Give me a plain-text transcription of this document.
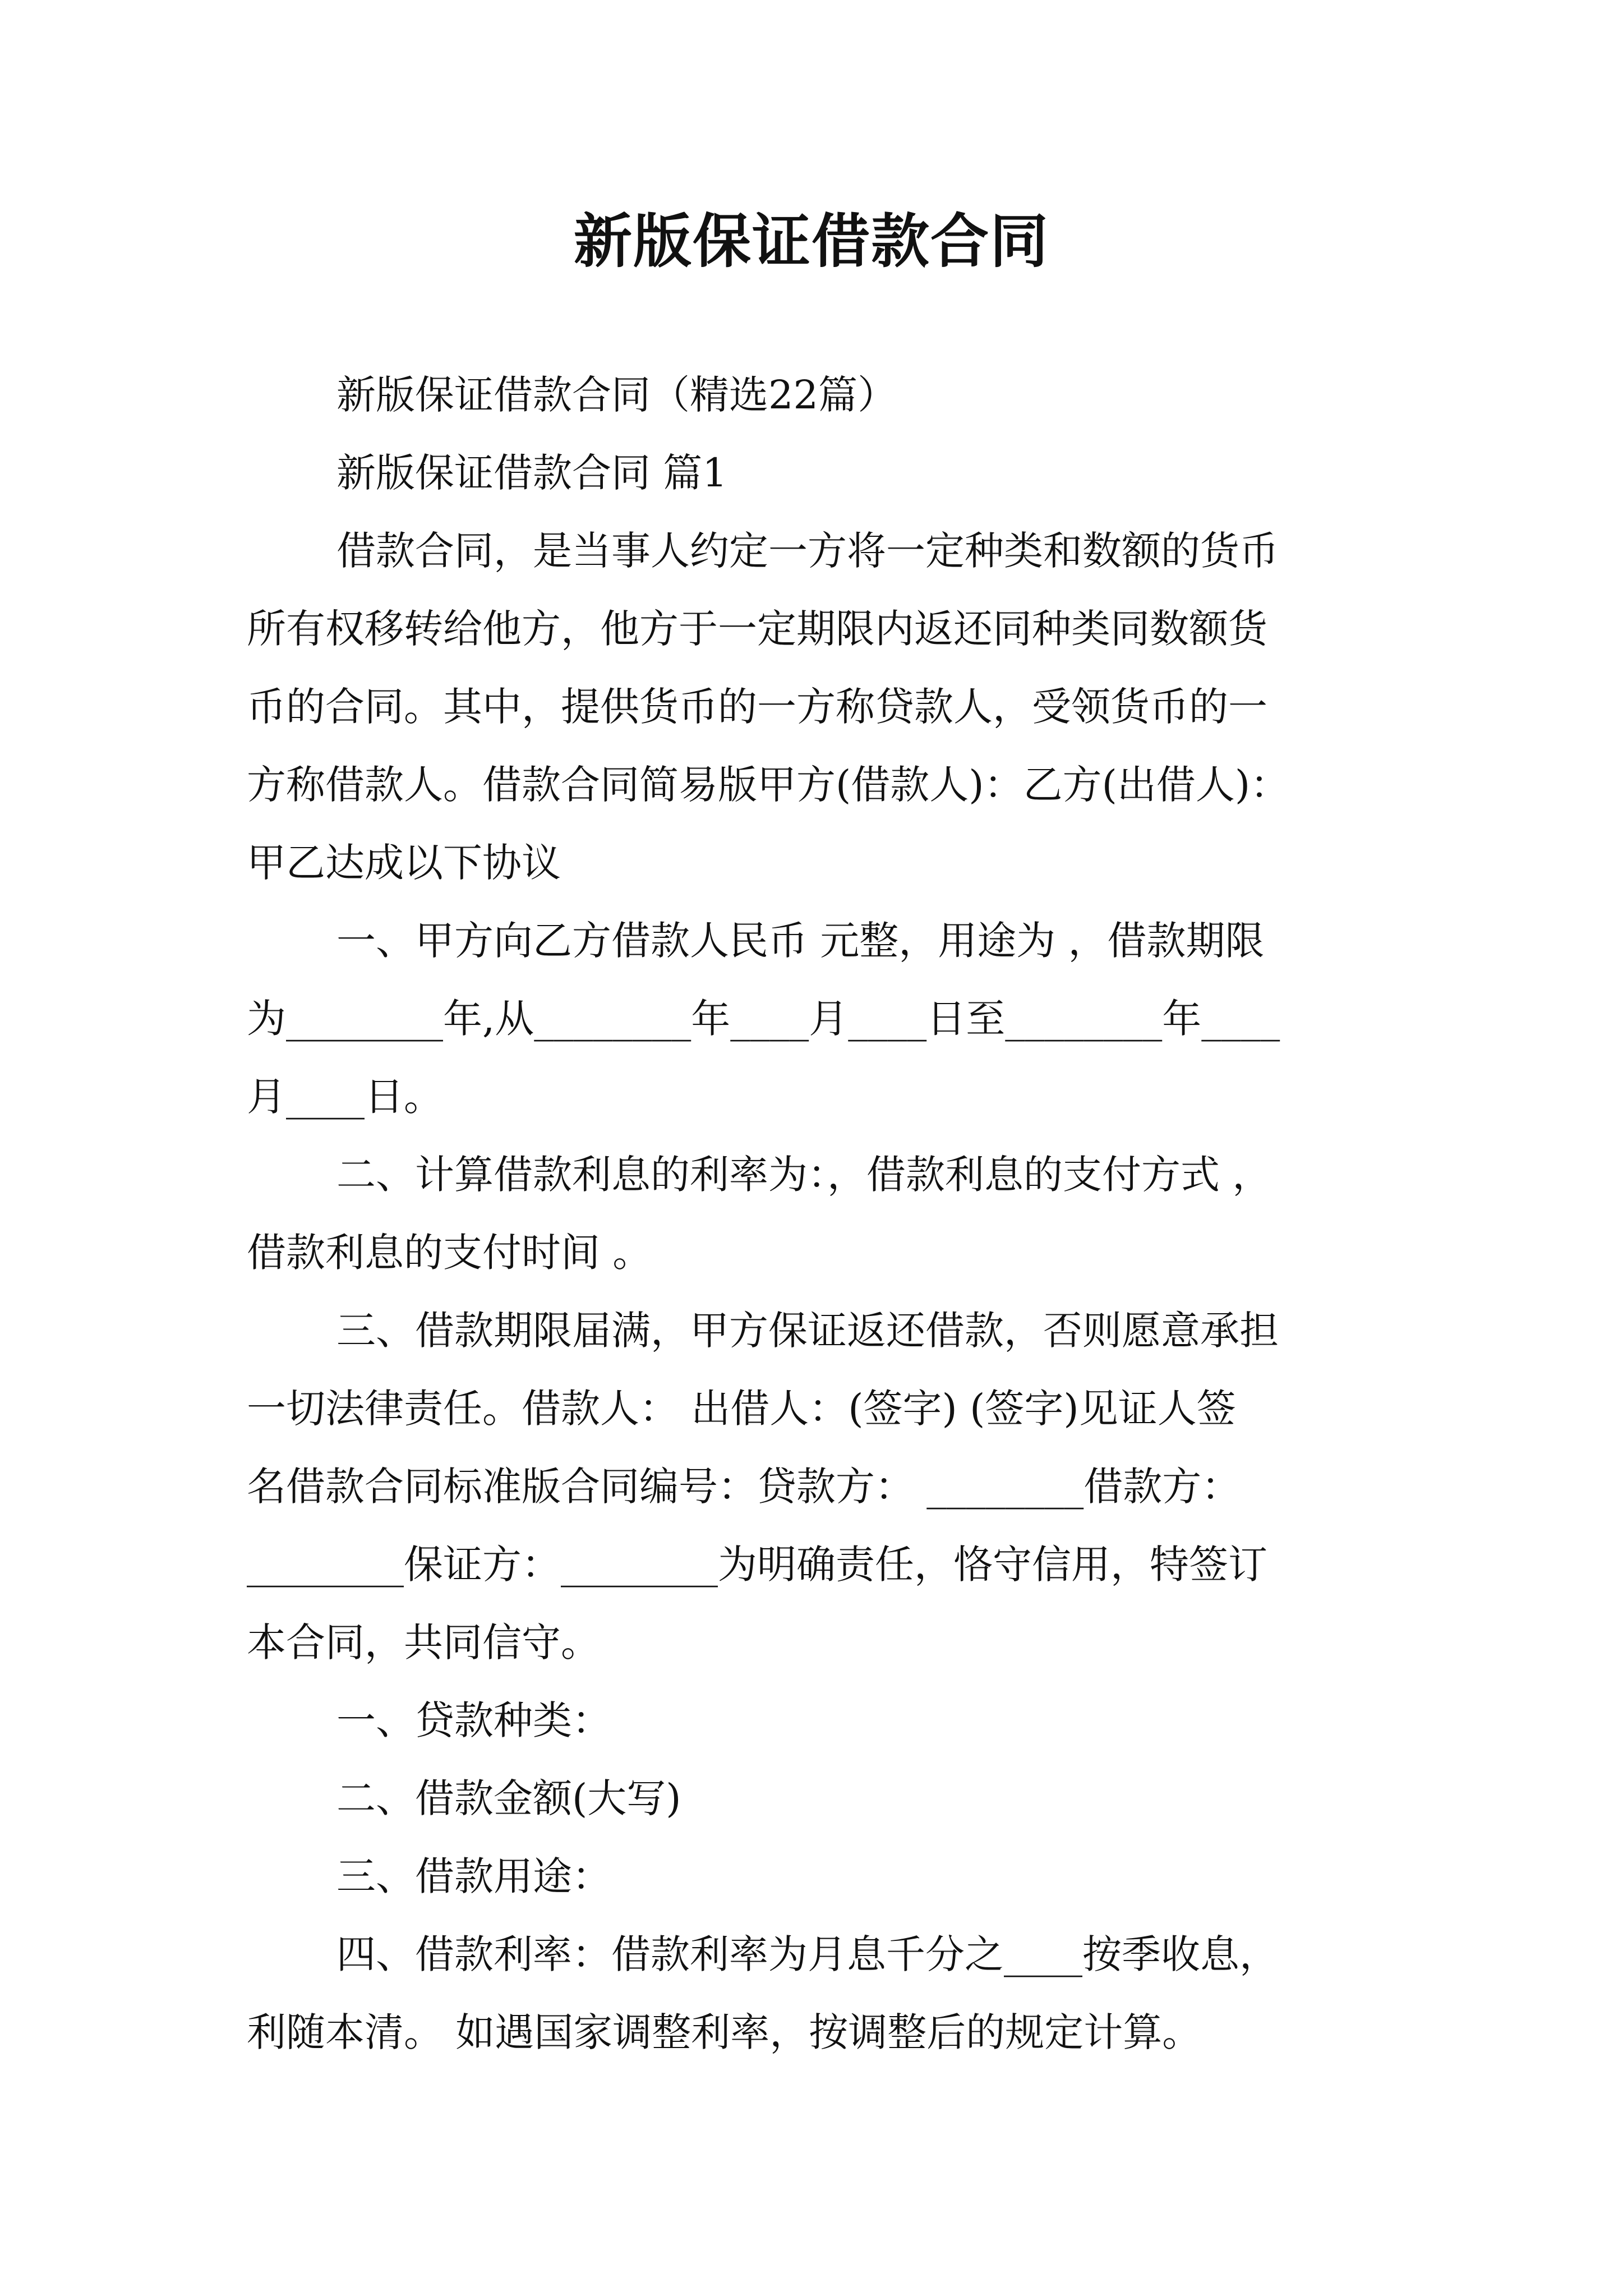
新版保证借款合同
新版保证借款合同（精选22篇）
新版保证借款合同 篇1
借款合同，是当事人约定一方将一定种类和数额的货币
所有权移转给他方，他方于一定期限内返还同种类同数额货
币的合同。其中，提供货币的一方称贷款人，受领货币的一
方称借款人。借款合同简易版甲方(借款人)：乙方(出借人)：
甲乙达成以下协议
一、甲方向乙方借款人民币 元整，用途为 ，借款期限
为________年,从________年____月____日至________年____
月____日。
二、计算借款利息的利率为：，借款利息的支付方式 ，
借款利息的支付时间 。
三、借款期限届满，甲方保证返还借款，否则愿意承担
一切法律责任。借款人： 出借人：(签字) (签字)见证人签
名借款合同标准版合同编号：贷款方： ________借款方：
________保证方：________为明确责任，恪守信用，特签订
本合同，共同信守。
一、贷款种类：
二、借款金额(大写)
三、借款用途：
四、借款利率：借款利率为月息千分之____按季收息，
利随本清。 如遇国家调整利率，按调整后的规定计算。
